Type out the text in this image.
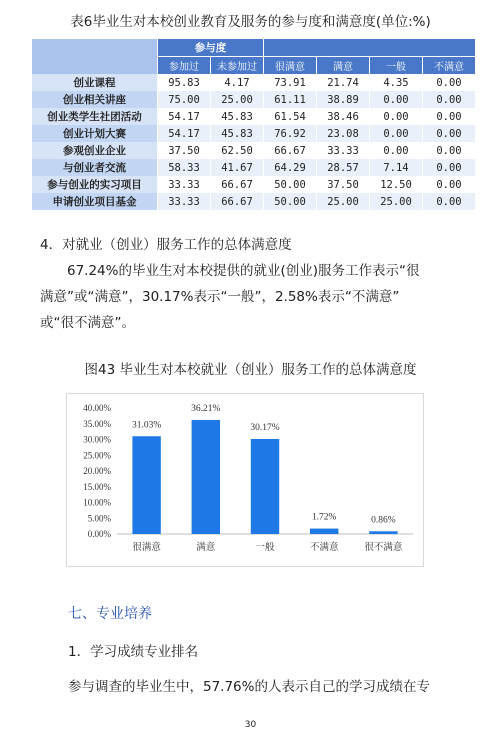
表6毕业生对本校创业教育及服务的参与度和满意度(单位:%)
	参与度					
	参加过	未参加过	很满意	满意	一般	不满意
创业课程	95.83	4.17	73.91	21.74	4.35	0.00
创业相关讲座	75.00	25.00	61.11	38.89	0.00	0.00
创业类学生社团活动	54.17	45.83	61.54	38.46	0.00	0.00
创业计划大赛	54.17	45.83	76.92	23.08	0.00	0.00
参观创业企业	37.50	62.50	66.67	33.33	0.00	0.00
与创业者交流	58.33	41.67	64.29	28.57	7.14	0.00
参与创业的实习项目	33.33	66.67	50.00	37.50	12.50	0.00
申请创业项目基金	33.33	66.67	50.00	25.00	25.00	0.00
4．对就业（创业）服务工作的总体满意度
67.24%的毕业生对本校提供的就业(创业)服务工作表示“很
满意”或“满意”，30.17%表示“一般”，2.58%表示“不满意”
或“很不满意”。
图43 毕业生对本校就业（创业）服务工作的总体满意度
0.00%
5.00%
10.00%
15.00%
20.00%
25.00%
30.00%
35.00%
40.00%
31.03%
很满意
36.21%
满意
30.17%
一般
1.72%
不满意
0.86%
很不满意
七、专业培养
1．学习成绩专业排名
参与调查的毕业生中，57.76%的人表示自己的学习成绩在专
30
